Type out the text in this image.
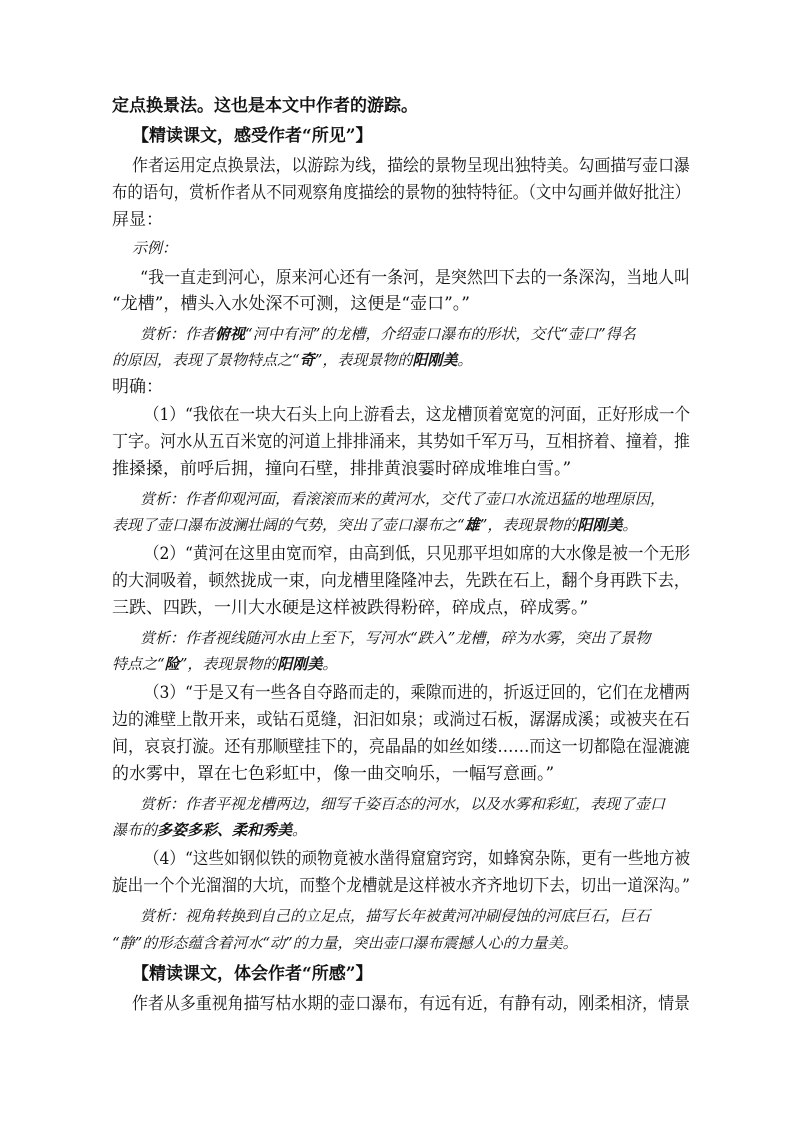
定点换景法。这也是本文中作者的游踪。
【精读课文，感受作者“所见”】
作者运用定点换景法，以游踪为线，描绘的景物呈现出独特美。勾画描写壶口瀑
布的语句，赏析作者从不同观察角度描绘的景物的独特特征。（文中勾画并做好批注）
屏显：
示例：
“我一直走到河心，原来河心还有一条河，是突然凹下去的一条深沟，当地人叫
“龙槽”，槽头入水处深不可测，这便是“壶口”。”
赏析：作者俯视“河中有河”的龙槽，介绍壶口瀑布的形状，交代“壶口”得名
的原因，表现了景物特点之“奇”，表现景物的阳刚美。
明确：
（1）“我依在一块大石头上向上游看去，这龙槽顶着宽宽的河面，正好形成一个
丁字。河水从五百米宽的河道上排排涌来，其势如千军万马，互相挤着、撞着，推
推搡搡，前呼后拥，撞向石壁，排排黄浪霎时碎成堆堆白雪。”
赏析：作者仰观河面，看滚滚而来的黄河水，交代了壶口水流迅猛的地理原因，
表现了壶口瀑布波澜壮阔的气势，突出了壶口瀑布之“雄”，表现景物的阳刚美。
（2）“黄河在这里由宽而窄，由高到低，只见那平坦如席的大水像是被一个无形
的大洞吸着，顿然拢成一束，向龙槽里隆隆冲去，先跌在石上，翻个身再跌下去，
三跌、四跌，一川大水硬是这样被跌得粉碎，碎成点，碎成雾。”
赏析：作者视线随河水由上至下，写河水“跌入”龙槽，碎为水雾，突出了景物
特点之“险”，表现景物的阳刚美。
（3）“于是又有一些各自夺路而走的，乘隙而进的，折返迂回的，它们在龙槽两
边的滩壁上散开来，或钻石觅缝，汩汩如泉；或淌过石板，潺潺成溪；或被夹在石
间，哀哀打漩。还有那顺壁挂下的，亮晶晶的如丝如缕……而这一切都隐在湿漉漉
的水雾中，罩在七色彩虹中，像一曲交响乐，一幅写意画。”
赏析：作者平视龙槽两边，细写千姿百态的河水，以及水雾和彩虹，表现了壶口
瀑布的多姿多彩、柔和秀美。
（4）“这些如钢似铁的顽物竟被水凿得窟窟窍窍，如蜂窝杂陈，更有一些地方被
旋出一个个光溜溜的大坑，而整个龙槽就是这样被水齐齐地切下去，切出一道深沟。”
赏析：视角转换到自己的立足点，描写长年被黄河冲刷侵蚀的河底巨石，巨石
“静”的形态蕴含着河水“动”的力量，突出壶口瀑布震撼人心的力量美。
【精读课文，体会作者“所感”】
作者从多重视角描写枯水期的壶口瀑布，有远有近，有静有动，刚柔相济，情景
